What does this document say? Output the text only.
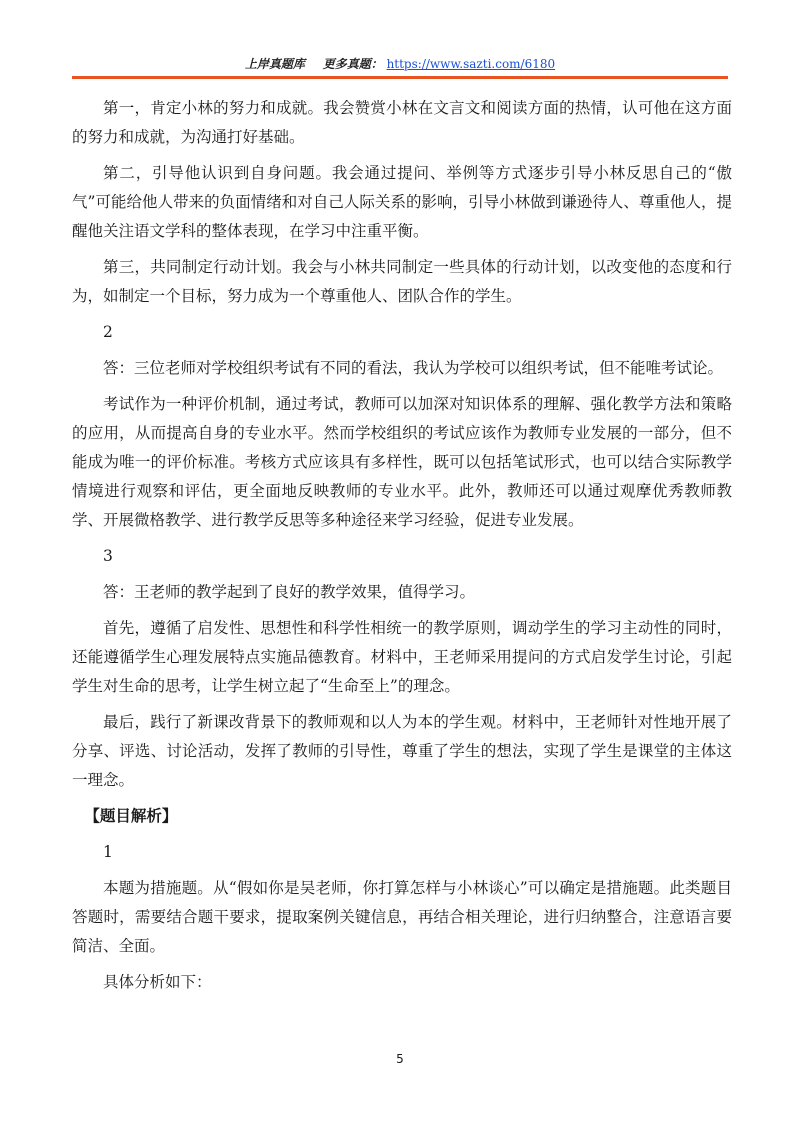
上岸真题库 更多真题： https://www.sazti.com/6180

第一，肯定小林的努力和成就。我会赞赏小林在文言文和阅读方面的热情，认可他在这方面的努力和成就，为沟通打好基础。

第二，引导他认识到自身问题。我会通过提问、举例等方式逐步引导小林反思自己的“傲气”可能给他人带来的负面情绪和对自己人际关系的影响，引导小林做到谦逊待人、尊重他人，提醒他关注语文学科的整体表现，在学习中注重平衡。

第三，共同制定行动计划。我会与小林共同制定一些具体的行动计划，以改变他的态度和行为，如制定一个目标，努力成为一个尊重他人、团队合作的学生。

2

答：三位老师对学校组织考试有不同的看法，我认为学校可以组织考试，但不能唯考试论。

考试作为一种评价机制，通过考试，教师可以加深对知识体系的理解、强化教学方法和策略的应用，从而提高自身的专业水平。然而学校组织的考试应该作为教师专业发展的一部分，但不能成为唯一的评价标准。考核方式应该具有多样性，既可以包括笔试形式，也可以结合实际教学情境进行观察和评估，更全面地反映教师的专业水平。此外，教师还可以通过观摩优秀教师教学、开展微格教学、进行教学反思等多种途径来学习经验，促进专业发展。

3

答：王老师的教学起到了良好的教学效果，值得学习。

首先，遵循了启发性、思想性和科学性相统一的教学原则，调动学生的学习主动性的同时，还能遵循学生心理发展特点实施品德教育。材料中，王老师采用提问的方式启发学生讨论，引起学生对生命的思考，让学生树立起了“生命至上”的理念。

最后，践行了新课改背景下的教师观和以人为本的学生观。材料中，王老师针对性地开展了分享、评选、讨论活动，发挥了教师的引导性，尊重了学生的想法，实现了学生是课堂的主体这一理念。

【题目解析】

1

本题为措施题。从“假如你是吴老师，你打算怎样与小林谈心”可以确定是措施题。此类题目答题时，需要结合题干要求，提取案例关键信息，再结合相关理论，进行归纳整合，注意语言要简洁、全面。

具体分析如下：

5
